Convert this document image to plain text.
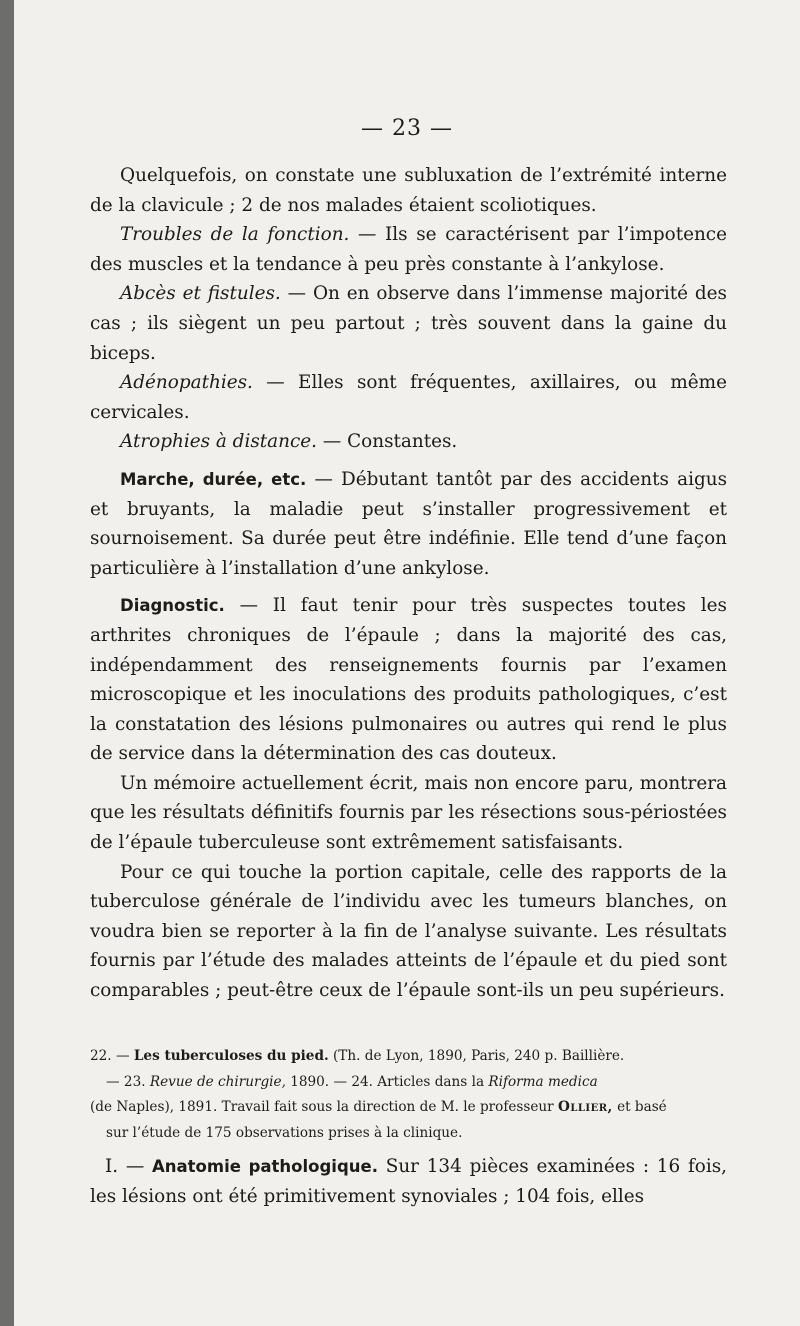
— 23 —

Quelquefois, on constate une subluxation de l’extrémité interne de la clavicule ; 2 de nos malades étaient scoliotiques.

Troubles de la fonction. — Ils se caractérisent par l’impotence des muscles et la tendance à peu près constante à l’ankylose.

Abcès et fistules. — On en observe dans l’immense majorité des cas ; ils siègent un peu partout ; très souvent dans la gaine du biceps.

Adénopathies. — Elles sont fréquentes, axillaires, ou même cervicales.

Atrophies à distance. — Constantes.

Marche, durée, etc. — Débutant tantôt par des accidents aigus et bruyants, la maladie peut s’installer progressivement et sournoisement. Sa durée peut être indéfinie. Elle tend d’une façon particulière à l’installation d’une ankylose.

Diagnostic. — Il faut tenir pour très suspectes toutes les arthrites chroniques de l’épaule ; dans la majorité des cas, indépendamment des renseignements fournis par l’examen microscopique et les inoculations des produits pathologiques, c’est la constatation des lésions pulmonaires ou autres qui rend le plus de service dans la détermination des cas douteux.

Un mémoire actuellement écrit, mais non encore paru, montrera que les résultats définitifs fournis par les résections sous-périostées de l’épaule tuberculeuse sont extrêmement satisfaisants.

Pour ce qui touche la portion capitale, celle des rapports de la tuberculose générale de l’individu avec les tumeurs blanches, on voudra bien se reporter à la fin de l’analyse suivante. Les résultats fournis par l’étude des malades atteints de l’épaule et du pied sont comparables ; peut-être ceux de l’épaule sont-ils un peu supérieurs.

22. — Les tuberculoses du pied. (Th. de Lyon, 1890, Paris, 240 p. Baillière.

— 23. Revue de chirurgie, 1890. — 24. Articles dans la Riforma medica

(de Naples), 1891. Travail fait sous la direction de M. le professeur Ollier, et basé

sur l’étude de 175 observations prises à la clinique.

I. — Anatomie pathologique. Sur 134 pièces examinées : 16 fois, les lésions ont été primitivement synoviales ; 104 fois, elles
